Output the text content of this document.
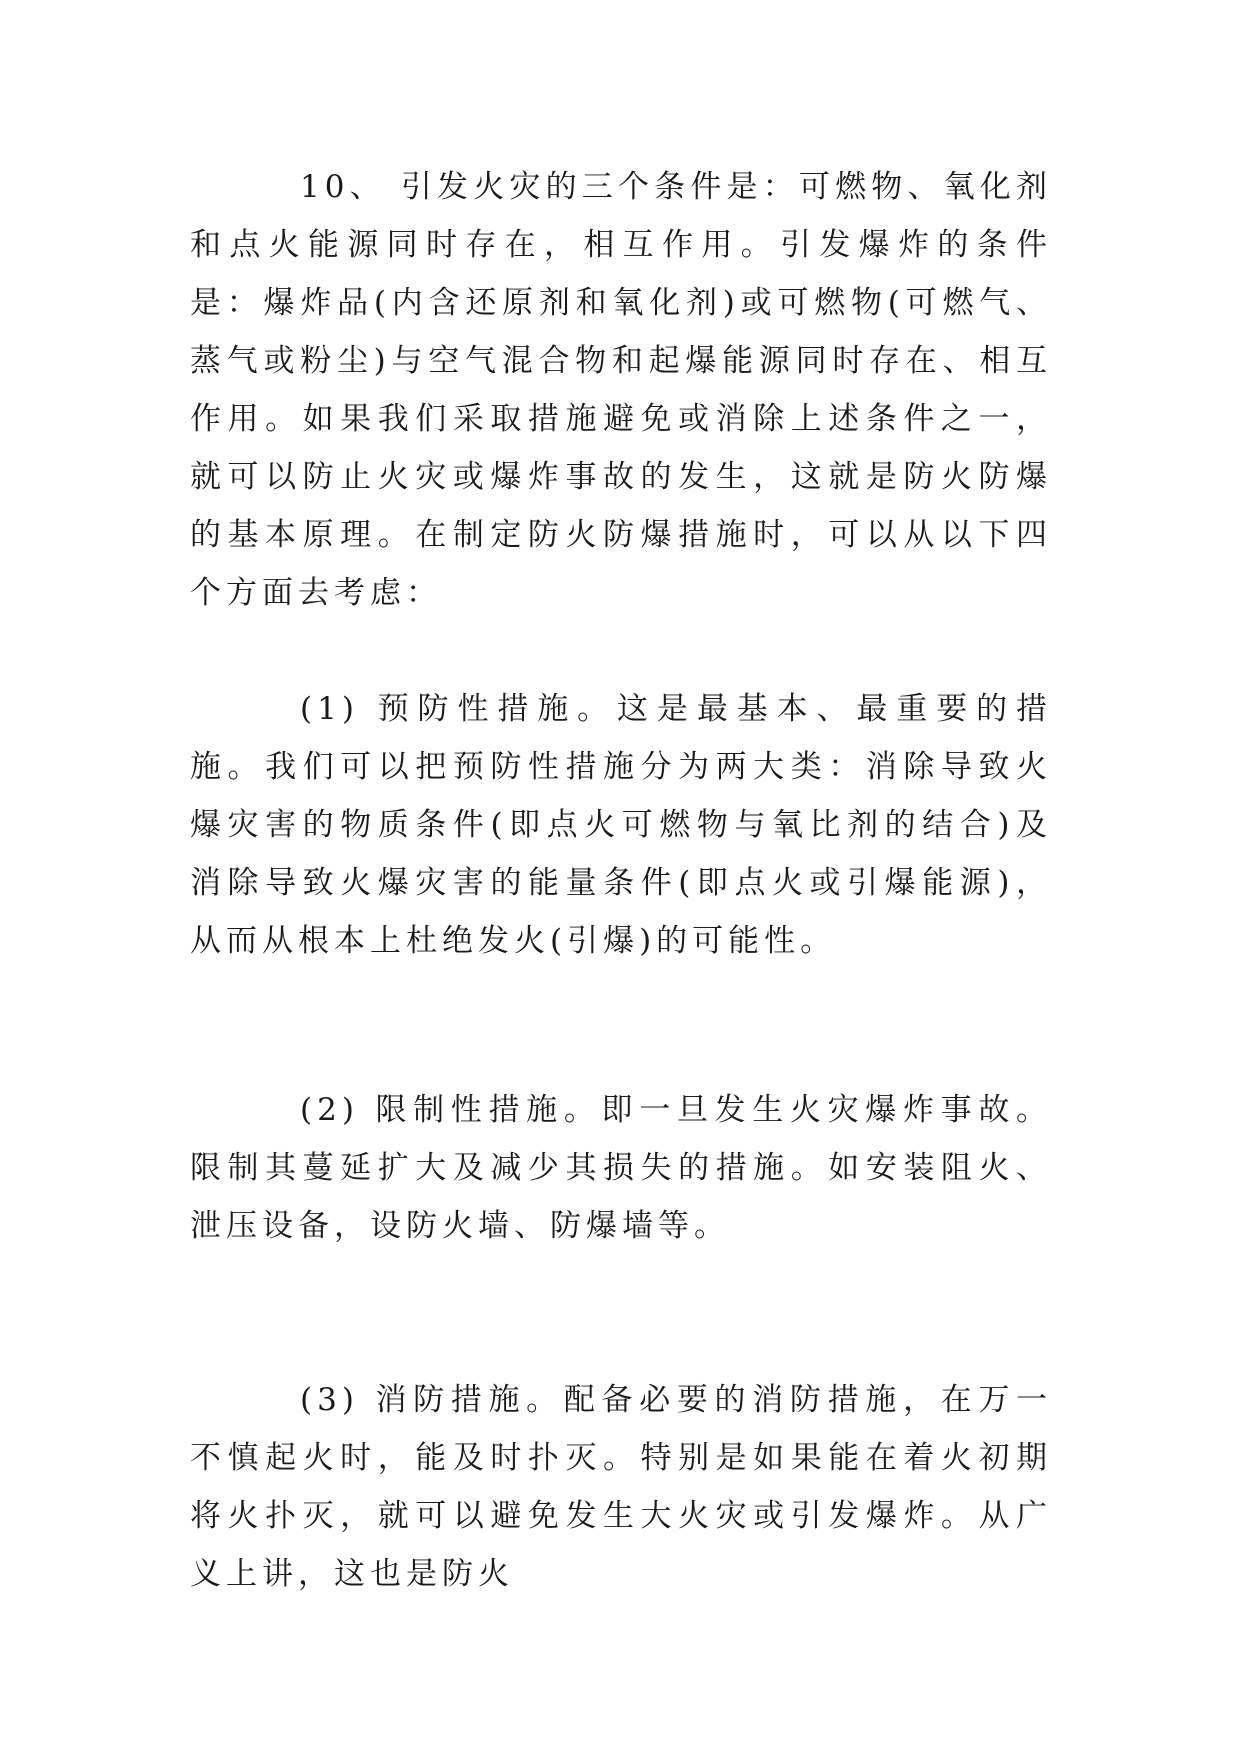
10、 引发火灾的三个条件是：可燃物、氧化剂和点火能源同时存在，相互作用。引发爆炸的条件是：爆炸品(内含还原剂和氧化剂)或可燃物(可燃气、蒸气或粉尘)与空气混合物和起爆能源同时存在、相互作用。如果我们采取措施避免或消除上述条件之一，就可以防止火灾或爆炸事故的发生，这就是防火防爆的基本原理。在制定防火防爆措施时，可以从以下四个方面去考虑：

(1) 预防性措施。这是最基本、最重要的措施。我们可以把预防性措施分为两大类：消除导致火爆灾害的物质条件(即点火可燃物与氧比剂的结合)及消除导致火爆灾害的能量条件(即点火或引爆能源)，从而从根本上杜绝发火(引爆)的可能性。

(2) 限制性措施。即一旦发生火灾爆炸事故。限制其蔓延扩大及减少其损失的措施。如安装阻火、泄压设备，设防火墙、防爆墙等。

(3) 消防措施。配备必要的消防措施，在万一不慎起火时，能及时扑灭。特别是如果能在着火初期将火扑灭，就可以避免发生大火灾或引发爆炸。从广义上讲，这也是防火
